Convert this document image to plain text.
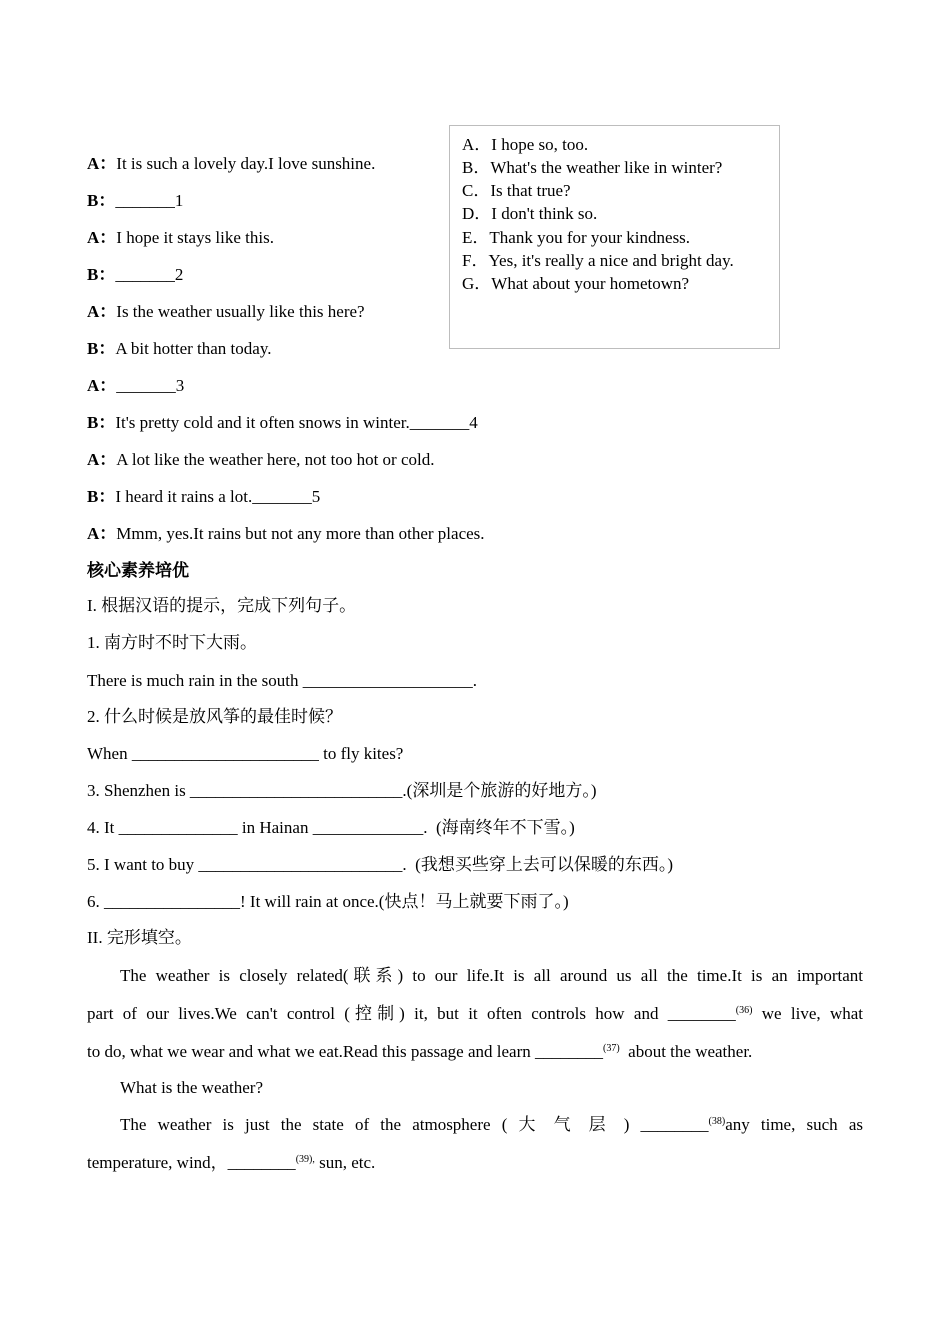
A．I hope so, too.
B．What's the weather like in winter?
C．Is that true?
D．I don't think so.
E．Thank you for your kindness.
F．Yes, it's really a nice and bright day.
G．What about your hometown?
A：It is such a lovely day.I love sunshine.
B：_______1
A：I hope it stays like this.
B：_______2
A：Is the weather usually like this here?
B：A bit hotter than today.
A：_______3
B：It's pretty cold and it often snows in winter._______4
A：A lot like the weather here, not too hot or cold.
B：I heard it rains a lot._______5
A：Mmm, yes.It rains but not any more than other places.
核心素养培优
I. 根据汉语的提示，完成下列句子。
1. 南方时不时下大雨。
There is much rain in the south ____________________.
2. 什么时候是放风筝的最佳时候？
When ______________________ to fly kites?
3. Shenzhen is _________________________.(深圳是个旅游的好地方。)
4. It ______________ in Hainan _____________.  (海南终年不下雪。)
5. I want to buy ________________________.  (我想买些穿上去可以保暖的东西。)
6. ________________! It will rain at once.(快点！马上就要下雨了。)
II. 完形填空。
The weather is closely related(联系) to our life.It is all around us all the time.It is an important
part of our lives.We can't control (控制) it, but it often controls how and ________$^{(36)}$ we live, what
to do, what we wear and what we eat.Read this passage and learn ________$^{(37)}$  about the weather.
What is the weather?
The weather is just the state of the atmosphere ( 大 气 层 ) ________$^{(38)}$any time, such as
temperature, wind，________$^{(39),}$ sun, etc.
